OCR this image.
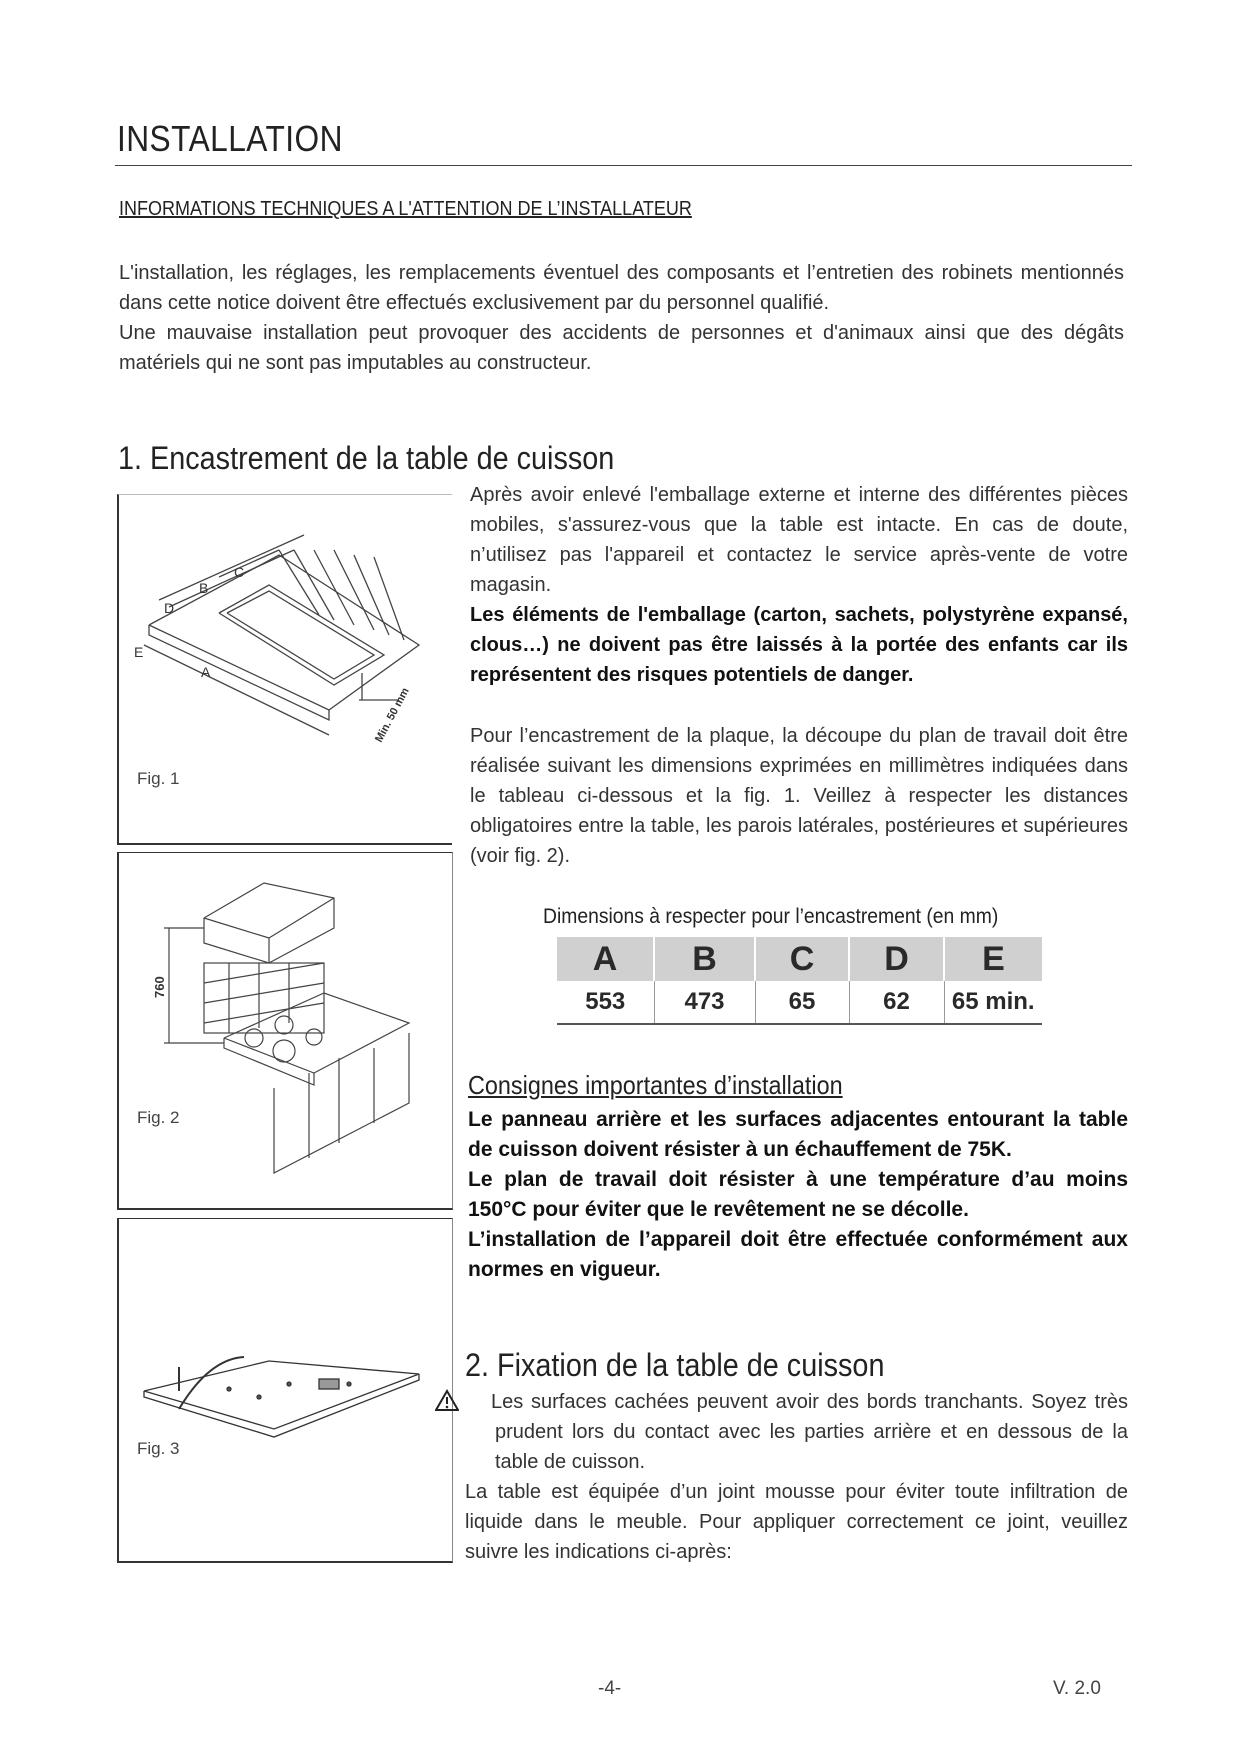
INSTALLATION
INFORMATIONS TECHNIQUES A L'ATTENTION DE L’INSTALLATEUR

L'installation, les réglages, les remplacements éventuel des composants et l’entretien des robinets mentionnés dans cette notice doivent être effectués exclusivement par du personnel qualifié.

Une mauvaise installation peut provoquer des accidents de personnes et d'animaux ainsi que des dégâts matériels qui ne sont pas imputables au constructeur.

1. Encastrement de la table de cuisson
D
B
C
E
A
Min. 50 mm
Fig. 1
760
Fig. 2
Fig. 3

Après avoir enlevé l'emballage externe et interne des différentes pièces mobiles, s'assurez-vous que la table est intacte. En cas de doute, n’utilisez pas l'appareil et contactez le service après-vente de votre magasin.

Les éléments de l'emballage (carton, sachets, polystyrène expansé, clous…) ne doivent pas être laissés à la portée des enfants car ils représentent des risques potentiels de danger.

Pour l’encastrement de la plaque, la découpe du plan de travail doit être réalisée suivant les dimensions exprimées en millimètres indiquées dans le tableau ci-dessous et la fig. 1. Veillez à respecter les distances obligatoires entre la table, les parois latérales, postérieures et supérieures (voir fig. 2).

Dimensions à respecter pour l’encastrement (en mm)
A	B	C	D	E
553	473	65	62	65 min.
Consignes importantes d’installation

Le panneau arrière et les surfaces adjacentes entourant la table de cuisson doivent résister à un échauffement de 75K.

Le plan de travail doit résister à une température d’au moins 150°C pour éviter que le revêtement ne se décolle.

L’installation de l’appareil doit être effectuée conformément aux normes en vigueur.

2. Fixation de la table de cuisson

Les surfaces cachées peuvent avoir des bords tranchants. Soyez très prudent lors du contact avec les parties arrière et en dessous de la table de cuisson.

La table est équipée d’un joint mousse pour éviter toute infiltration de liquide dans le meuble. Pour appliquer correctement ce joint, veuillez suivre les indications ci-après:

-4-	V. 2.0
